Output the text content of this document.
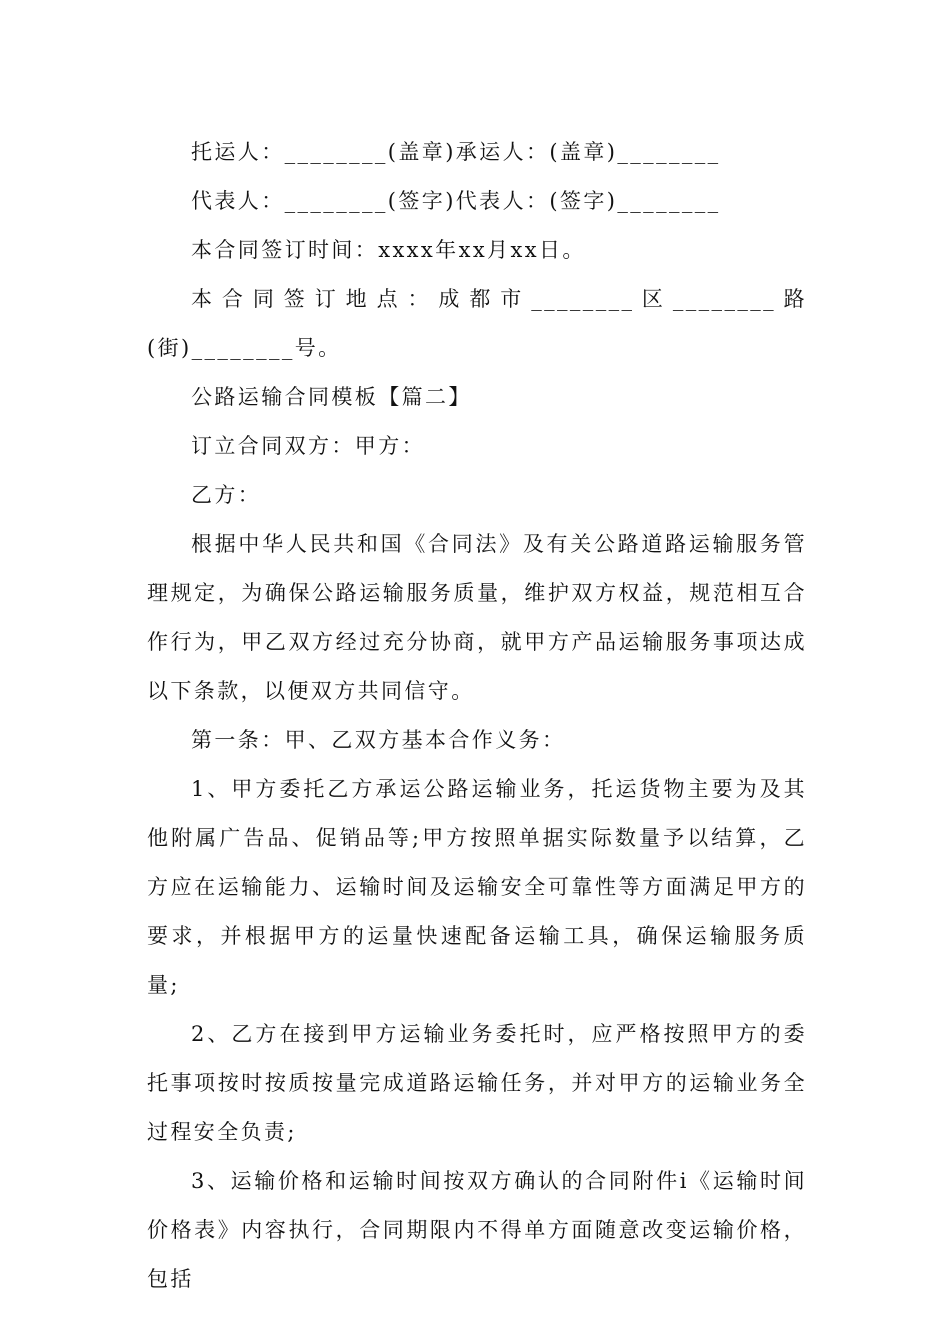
托运人：________(盖章)承运人：(盖章)________

代表人：________(签字)代表人：(签字)________

本合同签订时间：xxxx年xx月xx日。

本合同签订地点：成都市________区________路(街)________号。

公路运输合同模板【篇二】

订立合同双方：甲方：

乙方：

根据中华人民共和国《合同法》及有关公路道路运输服务管理规定，为确保公路运输服务质量，维护双方权益，规范相互合作行为，甲乙双方经过充分协商，就甲方产品运输服务事项达成以下条款，以便双方共同信守。

第一条：甲、乙双方基本合作义务：

1、甲方委托乙方承运公路运输业务，托运货物主要为及其他附属广告品、促销品等;甲方按照单据实际数量予以结算，乙方应在运输能力、运输时间及运输安全可靠性等方面满足甲方的要求，并根据甲方的运量快速配备运输工具，确保运输服务质量;

2、乙方在接到甲方运输业务委托时，应严格按照甲方的委托事项按时按质按量完成道路运输任务，并对甲方的运输业务全过程安全负责;

3、运输价格和运输时间按双方确认的合同附件i《运输时间价格表》内容执行，合同期限内不得单方面随意改变运输价格，包括
